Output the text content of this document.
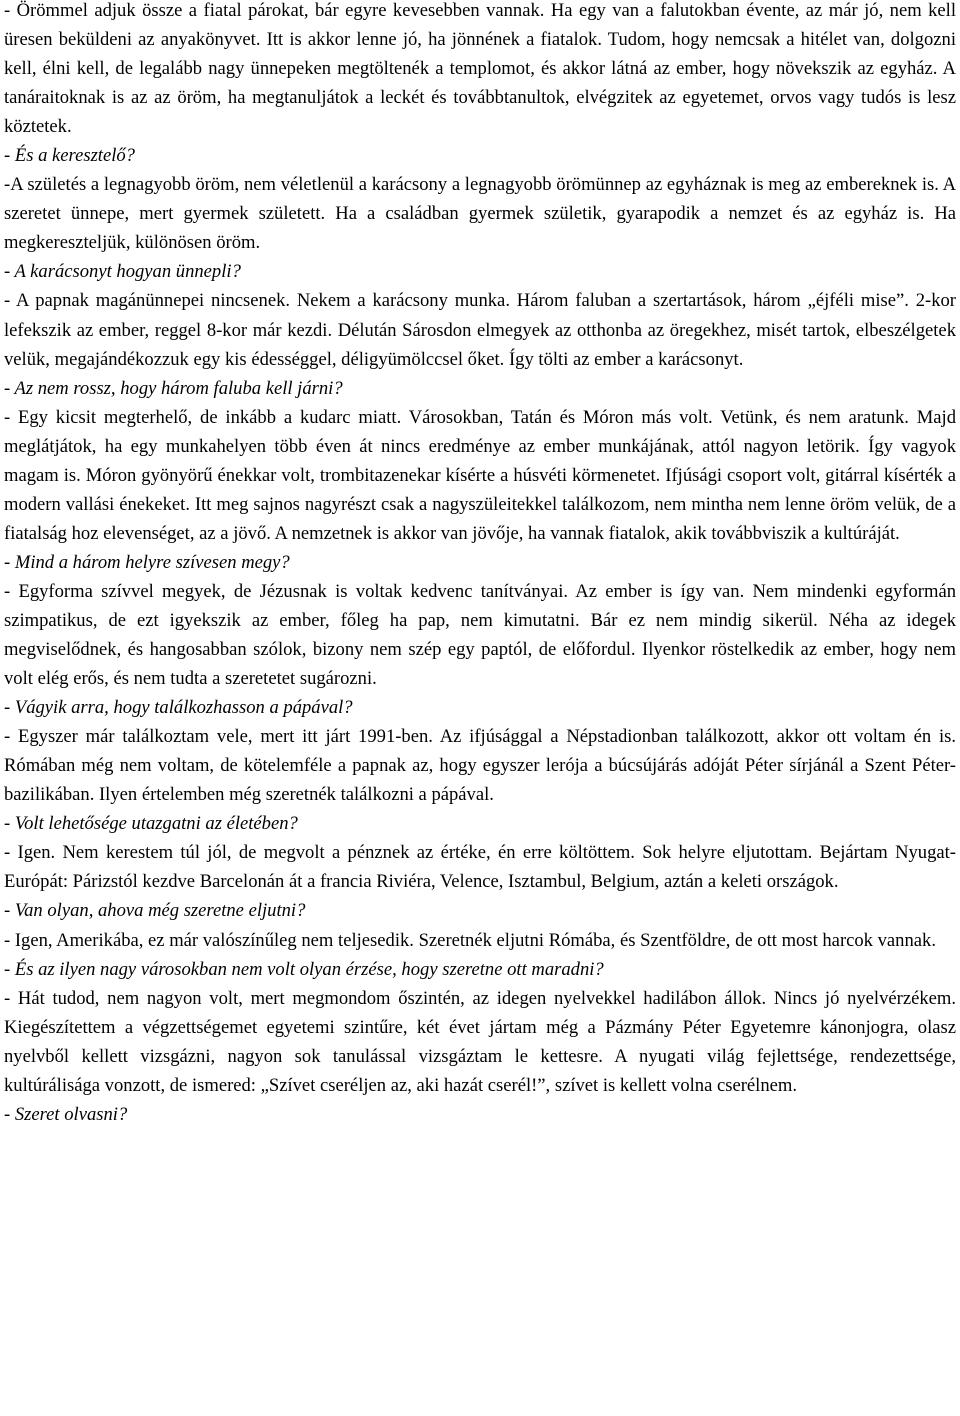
- Örömmel adjuk össze a fiatal párokat, bár egyre kevesebben vannak. Ha egy van a falutokban évente, az már jó, nem kell üresen beküldeni az anyakönyvet. Itt is akkor lenne jó, ha jönnének a fiatalok. Tudom, hogy nemcsak a hitélet van, dolgozni kell, élni kell, de legalább nagy ünnepeken megtöltenék a templomot, és akkor látná az ember, hogy növekszik az egyház. A tanáraitoknak is az az öröm, ha megtanuljátok a leckét és továbbtanultok, elvégzitek az egyetemet, orvos vagy tudós is lesz köztetek.

- És a keresztelő?

-A születés a legnagyobb öröm, nem véletlenül a karácsony a legnagyobb örömünnep az egyháznak is meg az embereknek is. A szeretet ünnepe, mert gyermek született. Ha a családban gyermek születik, gyarapodik a nemzet és az egyház is. Ha megkereszteljük, különösen öröm.

- A karácsonyt hogyan ünnepli?

- A papnak magánünnepei nincsenek. Nekem a karácsony munka. Három faluban a szertartások, három „éjféli mise”. 2-kor lefekszik az ember, reggel 8-kor már kezdi. Délután Sárosdon elmegyek az otthonba az öregekhez, misét tartok, elbeszélgetek velük, megajándékozzuk egy kis édességgel, déligyümölccsel őket. Így tölti az ember a karácsonyt.

- Az nem rossz, hogy három faluba kell járni?

- Egy kicsit megterhelő, de inkább a kudarc miatt. Városokban, Tatán és Móron más volt. Vetünk, és nem aratunk. Majd meglátjátok, ha egy munkahelyen több éven át nincs eredménye az ember munkájának, attól nagyon letörik. Így vagyok magam is. Móron gyönyörű énekkar volt, trombitazenekar kísérte a húsvéti körmenetet. Ifjúsági csoport volt, gitárral kísérték a modern vallási énekeket. Itt meg sajnos nagyrészt csak a nagyszüleitekkel találkozom, nem mintha nem lenne öröm velük, de a fiatalság hoz elevenséget, az a jövő. A nemzetnek is akkor van jövője, ha vannak fiatalok, akik továbbviszik a kultúráját.

- Mind a három helyre szívesen megy?

- Egyforma szívvel megyek, de Jézusnak is voltak kedvenc tanítványai. Az ember is így van. Nem mindenki egyformán szimpatikus, de ezt igyekszik az ember, főleg ha pap, nem kimutatni. Bár ez nem mindig sikerül. Néha az idegek megviselődnek, és hangosabban szólok, bizony nem szép egy paptól, de előfordul. Ilyenkor röstelkedik az ember, hogy nem volt elég erős, és nem tudta a szeretetet sugározni.

- Vágyik arra, hogy találkozhasson a pápával?

- Egyszer már találkoztam vele, mert itt járt 1991-ben. Az ifjúsággal a Népstadionban találkozott, akkor ott voltam én is. Rómában még nem voltam, de kötelemféle a papnak az, hogy egyszer lerója a búcsújárás adóját Péter sírjánál a Szent Péter-bazilikában. Ilyen értelemben még szeretnék találkozni a pápával.

- Volt lehetősége utazgatni az életében?

- Igen. Nem kerestem túl jól, de megvolt a pénznek az értéke, én erre költöttem. Sok helyre eljutottam. Bejártam Nyugat-Európát: Párizstól kezdve Barcelonán át a francia Riviéra, Velence, Isztambul, Belgium, aztán a keleti országok.

- Van olyan, ahova még szeretne eljutni?

- Igen, Amerikába, ez már valószínűleg nem teljesedik. Szeretnék eljutni Rómába, és Szentföldre, de ott most harcok vannak.

- És az ilyen nagy városokban nem volt olyan érzése, hogy szeretne ott maradni?

- Hát tudod, nem nagyon volt, mert megmondom őszintén, az idegen nyelvekkel hadilábon állok. Nincs jó nyelvérzékem. Kiegészítettem a végzettségemet egyetemi szintűre, két évet jártam még a Pázmány Péter Egyetemre kánonjogra, olasz nyelvből kellett vizsgázni, nagyon sok tanulással vizsgáztam le kettesre. A nyugati világ fejlettsége, rendezettsége, kultúrálisága vonzott, de ismered: „Szívet cseréljen az, aki hazát cserél!”, szívet is kellett volna cserélnem.

- Szeret olvasni?
